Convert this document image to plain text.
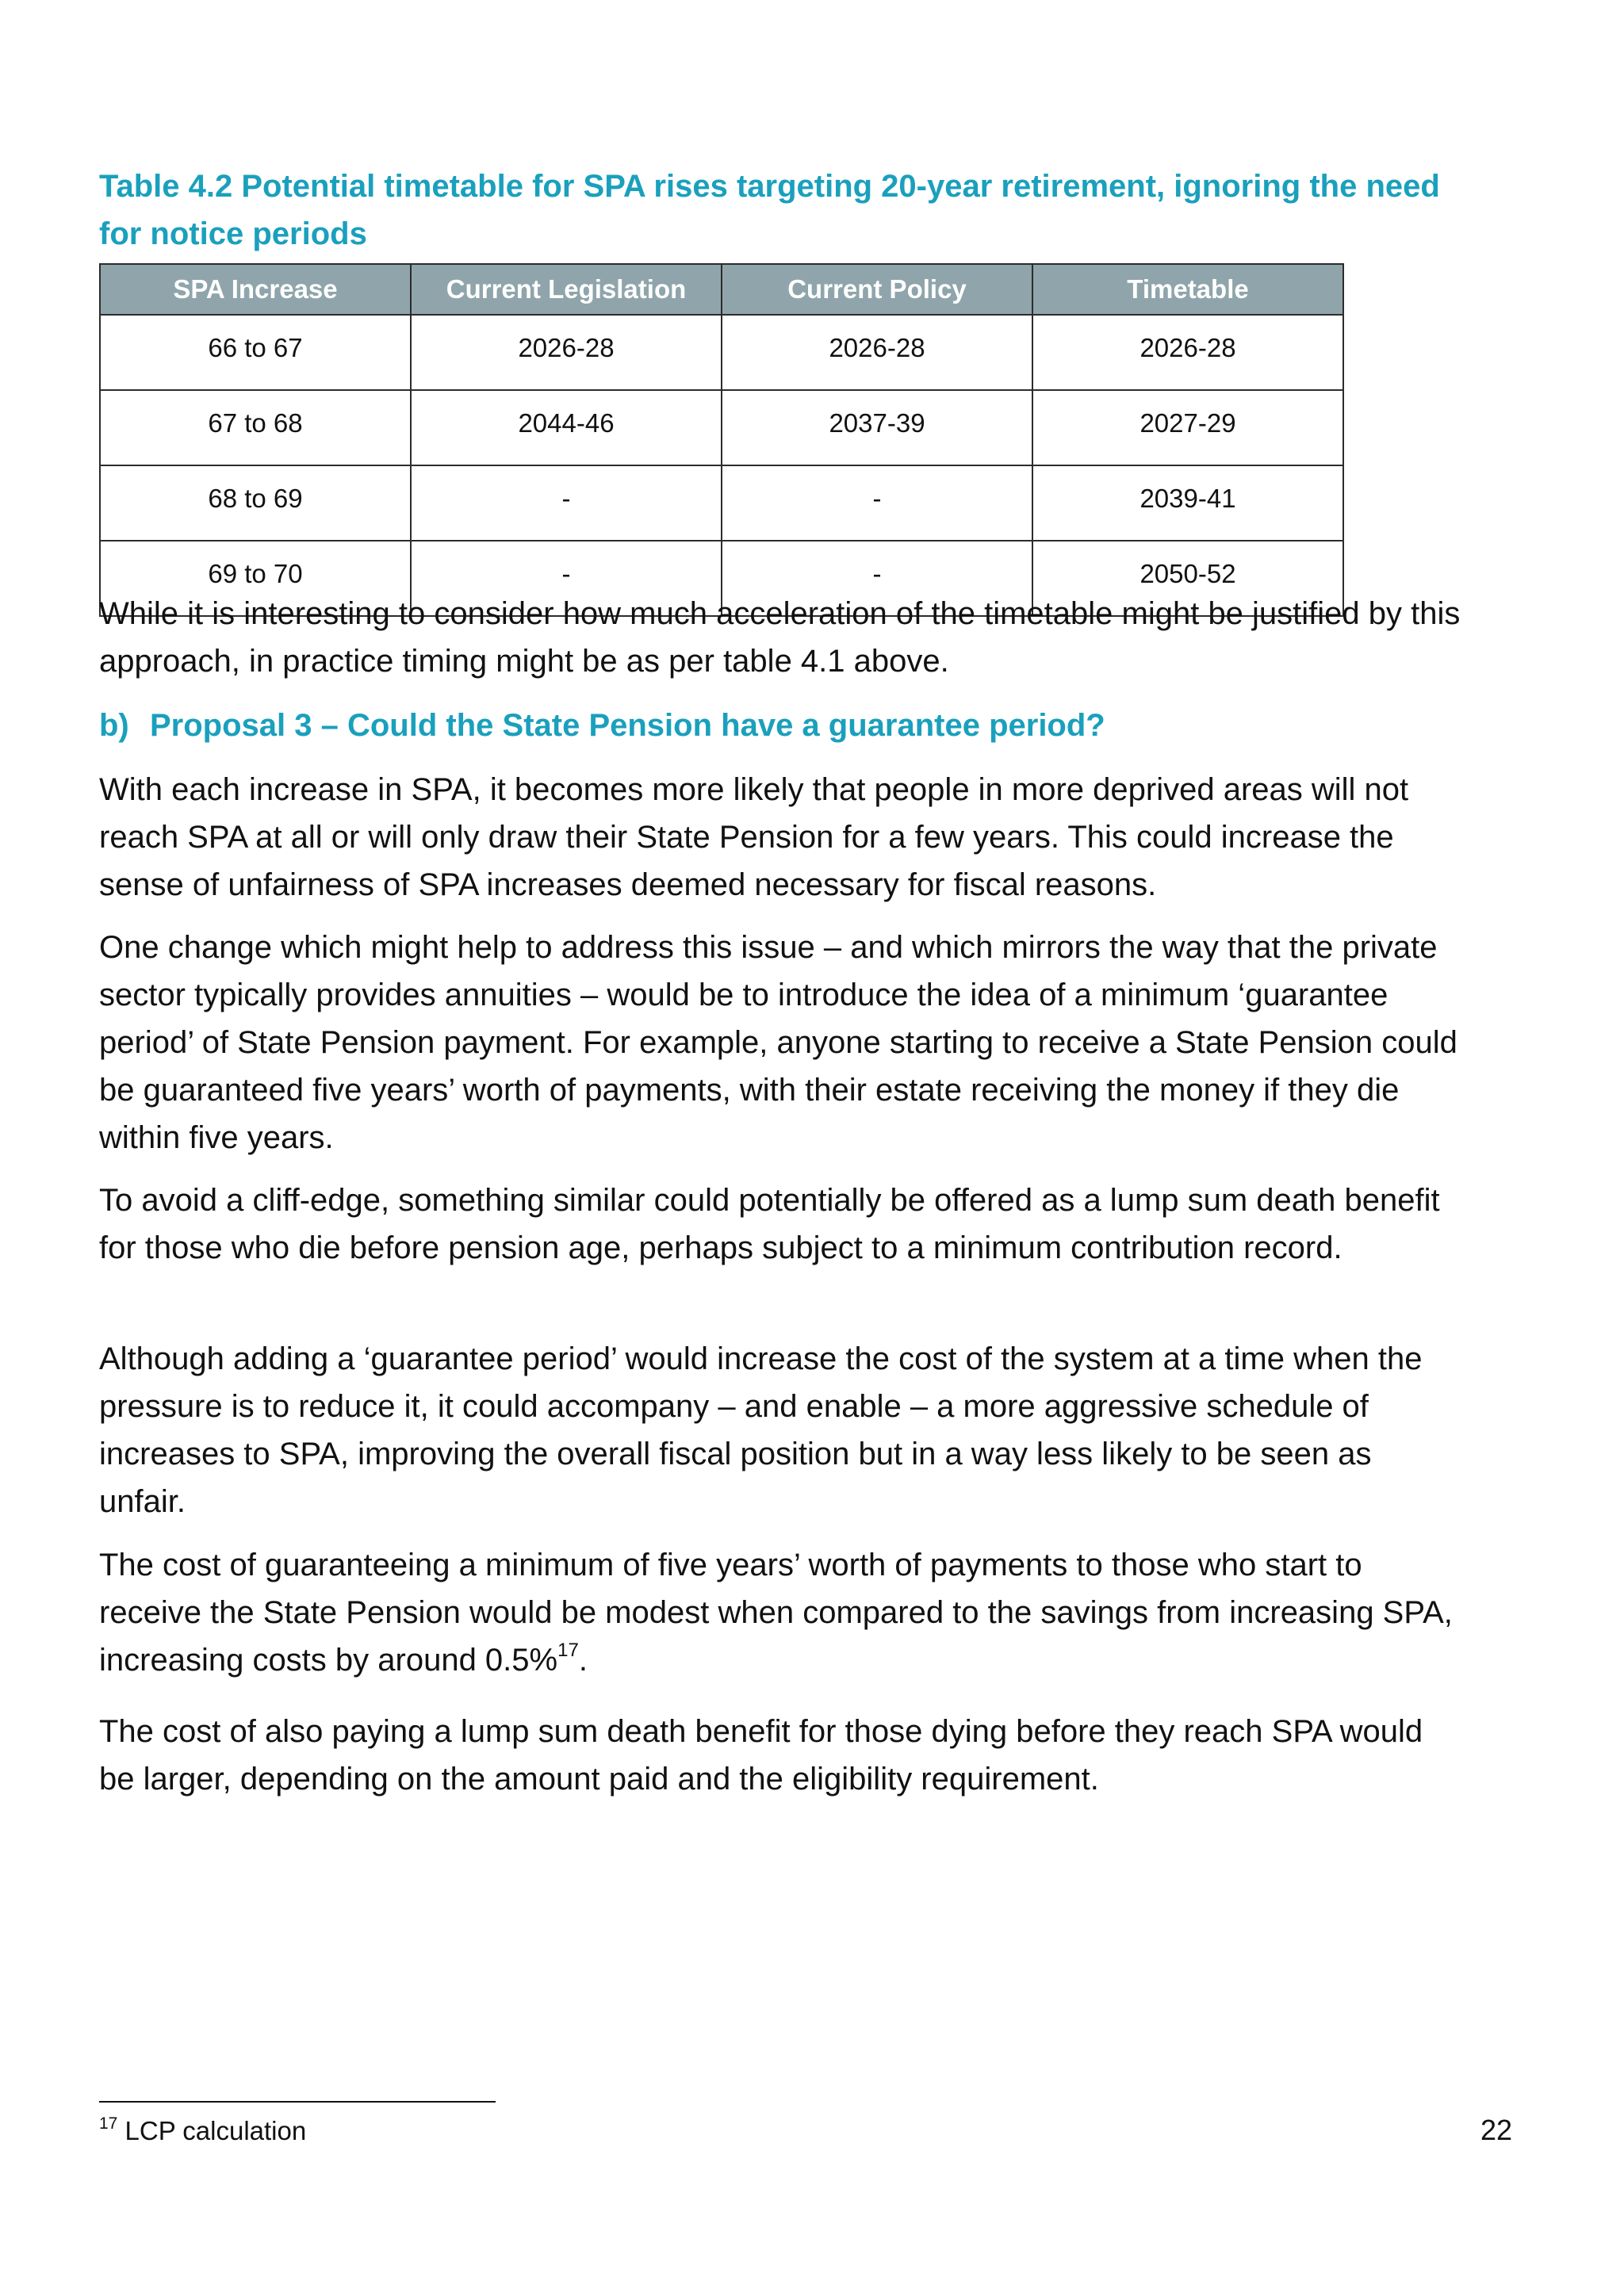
Table 4.2 Potential timetable for SPA rises targeting 20-year retirement, ignoring the need for notice periods

SPA Increase	Current Legislation	Current Policy	Timetable
66 to 67	2026-28	2026-28	2026-28
67 to 68	2044-46	2037-39	2027-29
68 to 69	-	-	2039-41
69 to 70	-	-	2050-52

While it is interesting to consider how much acceleration of the timetable might be justified by this approach, in practice timing might be as per table 4.1 above.

b) Proposal 3 – Could the State Pension have a guarantee period?

With each increase in SPA, it becomes more likely that people in more deprived areas will not reach SPA at all or will only draw their State Pension for a few years. This could increase the sense of unfairness of SPA increases deemed necessary for fiscal reasons.

One change which might help to address this issue – and which mirrors the way that the private sector typically provides annuities – would be to introduce the idea of a minimum ‘guarantee period’ of State Pension payment. For example, anyone starting to receive a State Pension could be guaranteed five years’ worth of payments, with their estate receiving the money if they die within five years.

To avoid a cliff-edge, something similar could potentially be offered as a lump sum death benefit for those who die before pension age, perhaps subject to a minimum contribution record.

Although adding a ‘guarantee period’ would increase the cost of the system at a time when the pressure is to reduce it, it could accompany – and enable – a more aggressive schedule of increases to SPA, improving the overall fiscal position but in a way less likely to be seen as unfair.

The cost of guaranteeing a minimum of five years’ worth of payments to those who start to receive the State Pension would be modest when compared to the savings from increasing SPA, increasing costs by around 0.5%$^{17}$.

The cost of also paying a lump sum death benefit for those dying before they reach SPA would be larger, depending on the amount paid and the eligibility requirement.

$^{17}$ LCP calculation	22
